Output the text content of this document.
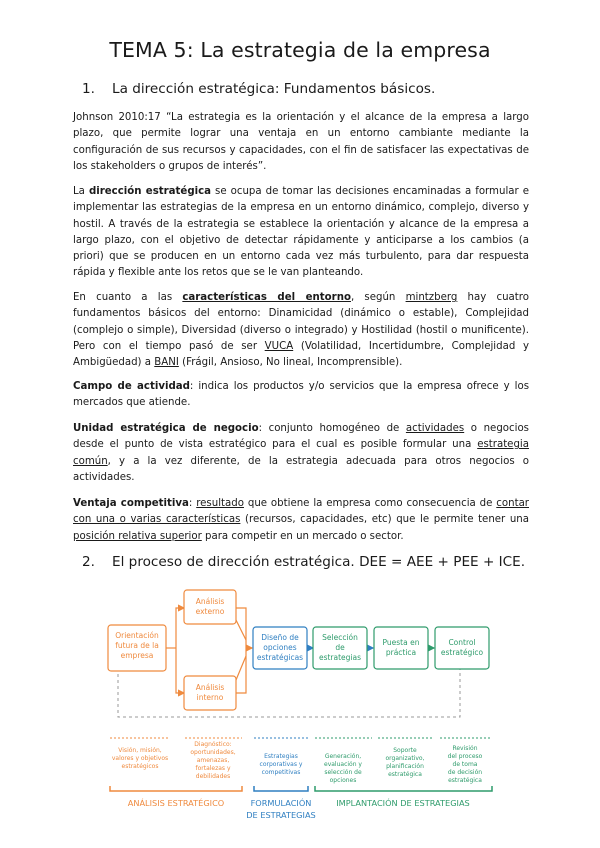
TEMA 5: La estrategia de la empresa
1. La dirección estratégica: Fundamentos básicos.
Johnson 2010:17 “La estrategia es la orientación y el alcance de la empresa a largo plazo, que permite lograr una ventaja en un entorno cambiante mediante la configuración de sus recursos y capacidades, con el fin de satisfacer las expectativas de los stakeholders o grupos de interés”.
La dirección estratégica se ocupa de tomar las decisiones encaminadas a formular e implementar las estrategias de la empresa en un entorno dinámico, complejo, diverso y hostil. A través de la estrategia se establece la orientación y alcance de la empresa a largo plazo, con el objetivo de detectar rápidamente y anticiparse a los cambios (a priori) que se producen en un entorno cada vez más turbulento, para dar respuesta rápida y flexible ante los retos que se le van planteando.
En cuanto a las características del entorno, según mintzberg hay cuatro fundamentos básicos del entorno: Dinamicidad (dinámico o estable), Complejidad (complejo o simple), Diversidad (diverso o integrado) y Hostilidad (hostil o munificente). Pero con el tiempo pasó de ser VUCA (Volatilidad, Incertidumbre, Complejidad y Ambigüedad) a BANI (Frágil, Ansioso, No lineal, Incomprensible).
Campo de actividad: indica los productos y/o servicios que la empresa ofrece y los mercados que atiende.
Unidad estratégica de negocio: conjunto homogéneo de actividades o negocios desde el punto de vista estratégico para el cual es posible formular una estrategia común, y a la vez diferente, de la estrategia adecuada para otros negocios o actividades.
Ventaja competitiva: resultado que obtiene la empresa como consecuencia de contar con una o varias características (recursos, capacidades, etc) que le permite tener una posición relativa superior para competir en un mercado o sector.
2. El proceso de dirección estratégica. DEE = AEE + PEE + ICE.
Orientación
futura de la
empresa
Análisis
externo
Análisis
interno
Diseño de
opciones
estratégicas
Selección
de
estrategias
Puesta en
práctica
Control
estratégico
Visión, misión,
valores y objetivos
estratégicos
Diagnóstico:
oportunidades,
amenazas,
fortalezas y
debilidades
Estrategias
corporativas y
competitivas
Generación,
evaluación y
selección de
opciones
Soporte
organizativo,
planificación
estratégica
Revisión
del proceso
de toma
de decisión
estratégica
ANÁLISIS ESTRATÉGICO	FORMULACIÓN
DE ESTRATEGIAS
IMPLANTACIÓN DE ESTRATEGIAS
